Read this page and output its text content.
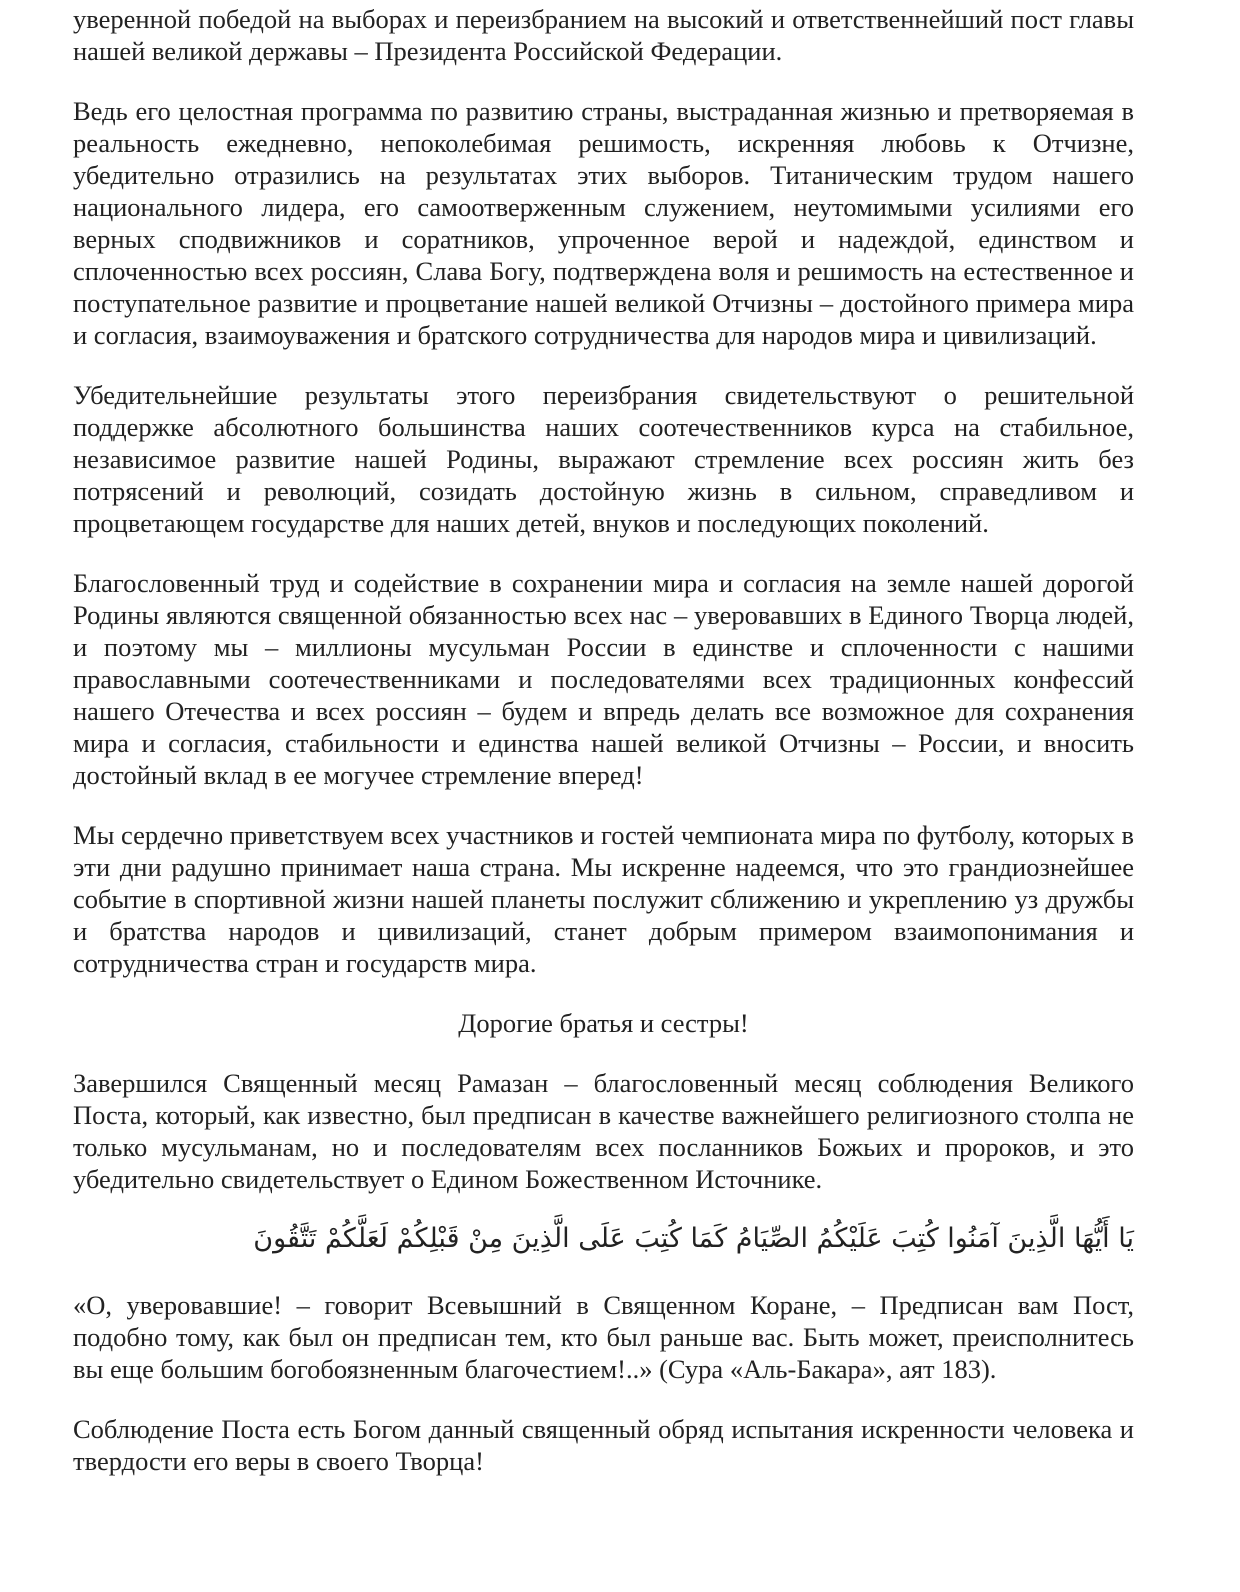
уверенной победой на выборах и переизбранием на высокий и ответственнейший пост главы нашей великой державы – Президента Российской Федерации.

Ведь его целостная программа по развитию страны, выстраданная жизнью и претворяемая в реальность ежедневно, непоколебимая решимость, искренняя любовь к Отчизне, убедительно отразились на результатах этих выборов. Титаническим трудом нашего национального лидера, его самоотверженным служением, неутомимыми усилиями его верных сподвижников и соратников, упроченное верой и надеждой, единством и сплоченностью всех россиян, Слава Богу, подтверждена воля и решимость на естественное и поступательное развитие и процветание нашей великой Отчизны – достойного примера мира и согласия, взаимоуважения и братского сотрудничества для народов мира и цивилизаций.

Убедительнейшие результаты этого переизбрания свидетельствуют о решительной поддержке абсолютного большинства наших соотечественников курса на стабильное, независимое развитие нашей Родины, выражают стремление всех россиян жить без потрясений и революций, созидать достойную жизнь в сильном, справедливом и процветающем государстве для наших детей, внуков и последующих поколений.

Благословенный труд и содействие в сохранении мира и согласия на земле нашей дорогой Родины являются священной обязанностью всех нас – уверовавших в Единого Творца людей, и поэтому мы – миллионы мусульман России в единстве и сплоченности с нашими православными соотечественниками и последователями всех традиционных конфессий нашего Отечества и всех россиян – будем и впредь делать все возможное для сохранения мира и согласия, стабильности и единства нашей великой Отчизны – России, и вносить достойный вклад в ее могучее стремление вперед!

Мы сердечно приветствуем всех участников и гостей чемпионата мира по футболу, которых в эти дни радушно принимает наша страна. Мы искренне надеемся, что это грандиознейшее событие в спортивной жизни нашей планеты послужит сближению и укреплению уз дружбы и братства народов и цивилизаций, станет добрым примером взаимопонимания и сотрудничества стран и государств мира.

Дорогие братья и сестры!

Завершился Священный месяц Рамазан – благословенный месяц соблюдения Великого Поста, который, как известно, был предписан в качестве важнейшего религиозного столпа не только мусульманам, но и последователям всех посланников Божьих и пророков, и это убедительно свидетельствует о Едином Божественном Источнике.

يَا أَيُّهَا الَّذِينَ آمَنُوا كُتِبَ عَلَيْكُمُ الصِّيَامُ كَمَا كُتِبَ عَلَى الَّذِينَ مِنْ قَبْلِكُمْ لَعَلَّكُمْ تَتَّقُونَ

«О, уверовавшие! – говорит Всевышний в Священном Коране, – Предписан вам Пост, подобно тому, как был он предписан тем, кто был раньше вас. Быть может, преисполнитесь вы еще большим богобоязненным благочестием!..» (Сура «Аль-Бакара», аят 183).

Соблюдение Поста есть Богом данный священный обряд испытания искренности человека и твердости его веры в своего Творца!
